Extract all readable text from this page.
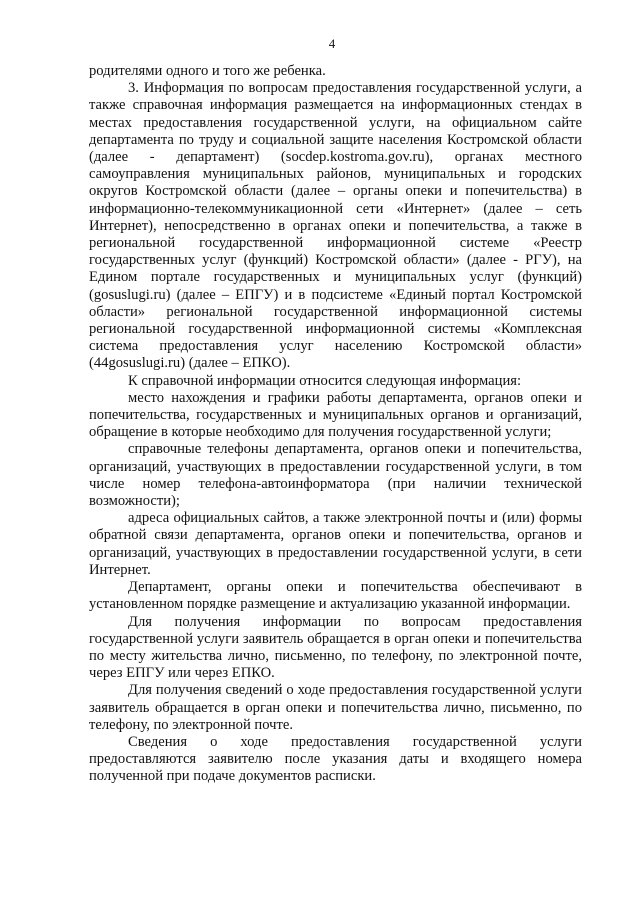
4

родителями одного и того же ребенка.

3. Информация по вопросам предоставления государственной услуги, а также справочная информация размещается на информационных стендах в местах предоставления государственной услуги, на официальном сайте департамента по труду и социальной защите населения Костромской области (далее - департамент) (socdep.kostroma.gov.ru), органах местного самоуправления муниципальных районов, муниципальных и городских округов Костромской области (далее – органы опеки и попечительства) в информационно-телекоммуникационной сети «Интернет» (далее – сеть Интернет), непосредственно в органах опеки и попечительства, а также в региональной государственной информационной системе «Реестр государственных услуг (функций) Костромской области» (далее - РГУ), на Едином портале государственных и муниципальных услуг (функций) (gosuslugi.ru) (далее – ЕПГУ) и в подсистеме «Единый портал Костромской области» региональной государственной информационной системы региональной государственной информационной системы «Комплексная система предоставления услуг населению Костромской области» (44gosuslugi.ru) (далее – ЕПКО).

К справочной информации относится следующая информация:

место нахождения и графики работы департамента, органов опеки и попечительства, государственных и муниципальных органов и организаций, обращение в которые необходимо для получения государственной услуги;

справочные телефоны департамента, органов опеки и попечительства, организаций, участвующих в предоставлении государственной услуги, в том числе номер телефона-автоинформатора (при наличии технической возможности);

адреса официальных сайтов, а также электронной почты и (или) формы обратной связи департамента, органов опеки и попечительства, органов и организаций, участвующих в предоставлении государственной услуги, в сети Интернет.

Департамент, органы опеки и попечительства обеспечивают в установленном порядке размещение и актуализацию указанной информации.

Для получения информации по вопросам предоставления государственной услуги заявитель обращается в орган опеки и попечительства по месту жительства лично, письменно, по телефону, по электронной почте, через ЕПГУ или через ЕПКО.

Для получения сведений о ходе предоставления государственной услуги заявитель обращается в орган опеки и попечительства лично, письменно, по телефону, по электронной почте.

Сведения о ходе предоставления государственной услуги предоставляются заявителю после указания даты и входящего номера полученной при подаче документов расписки.
